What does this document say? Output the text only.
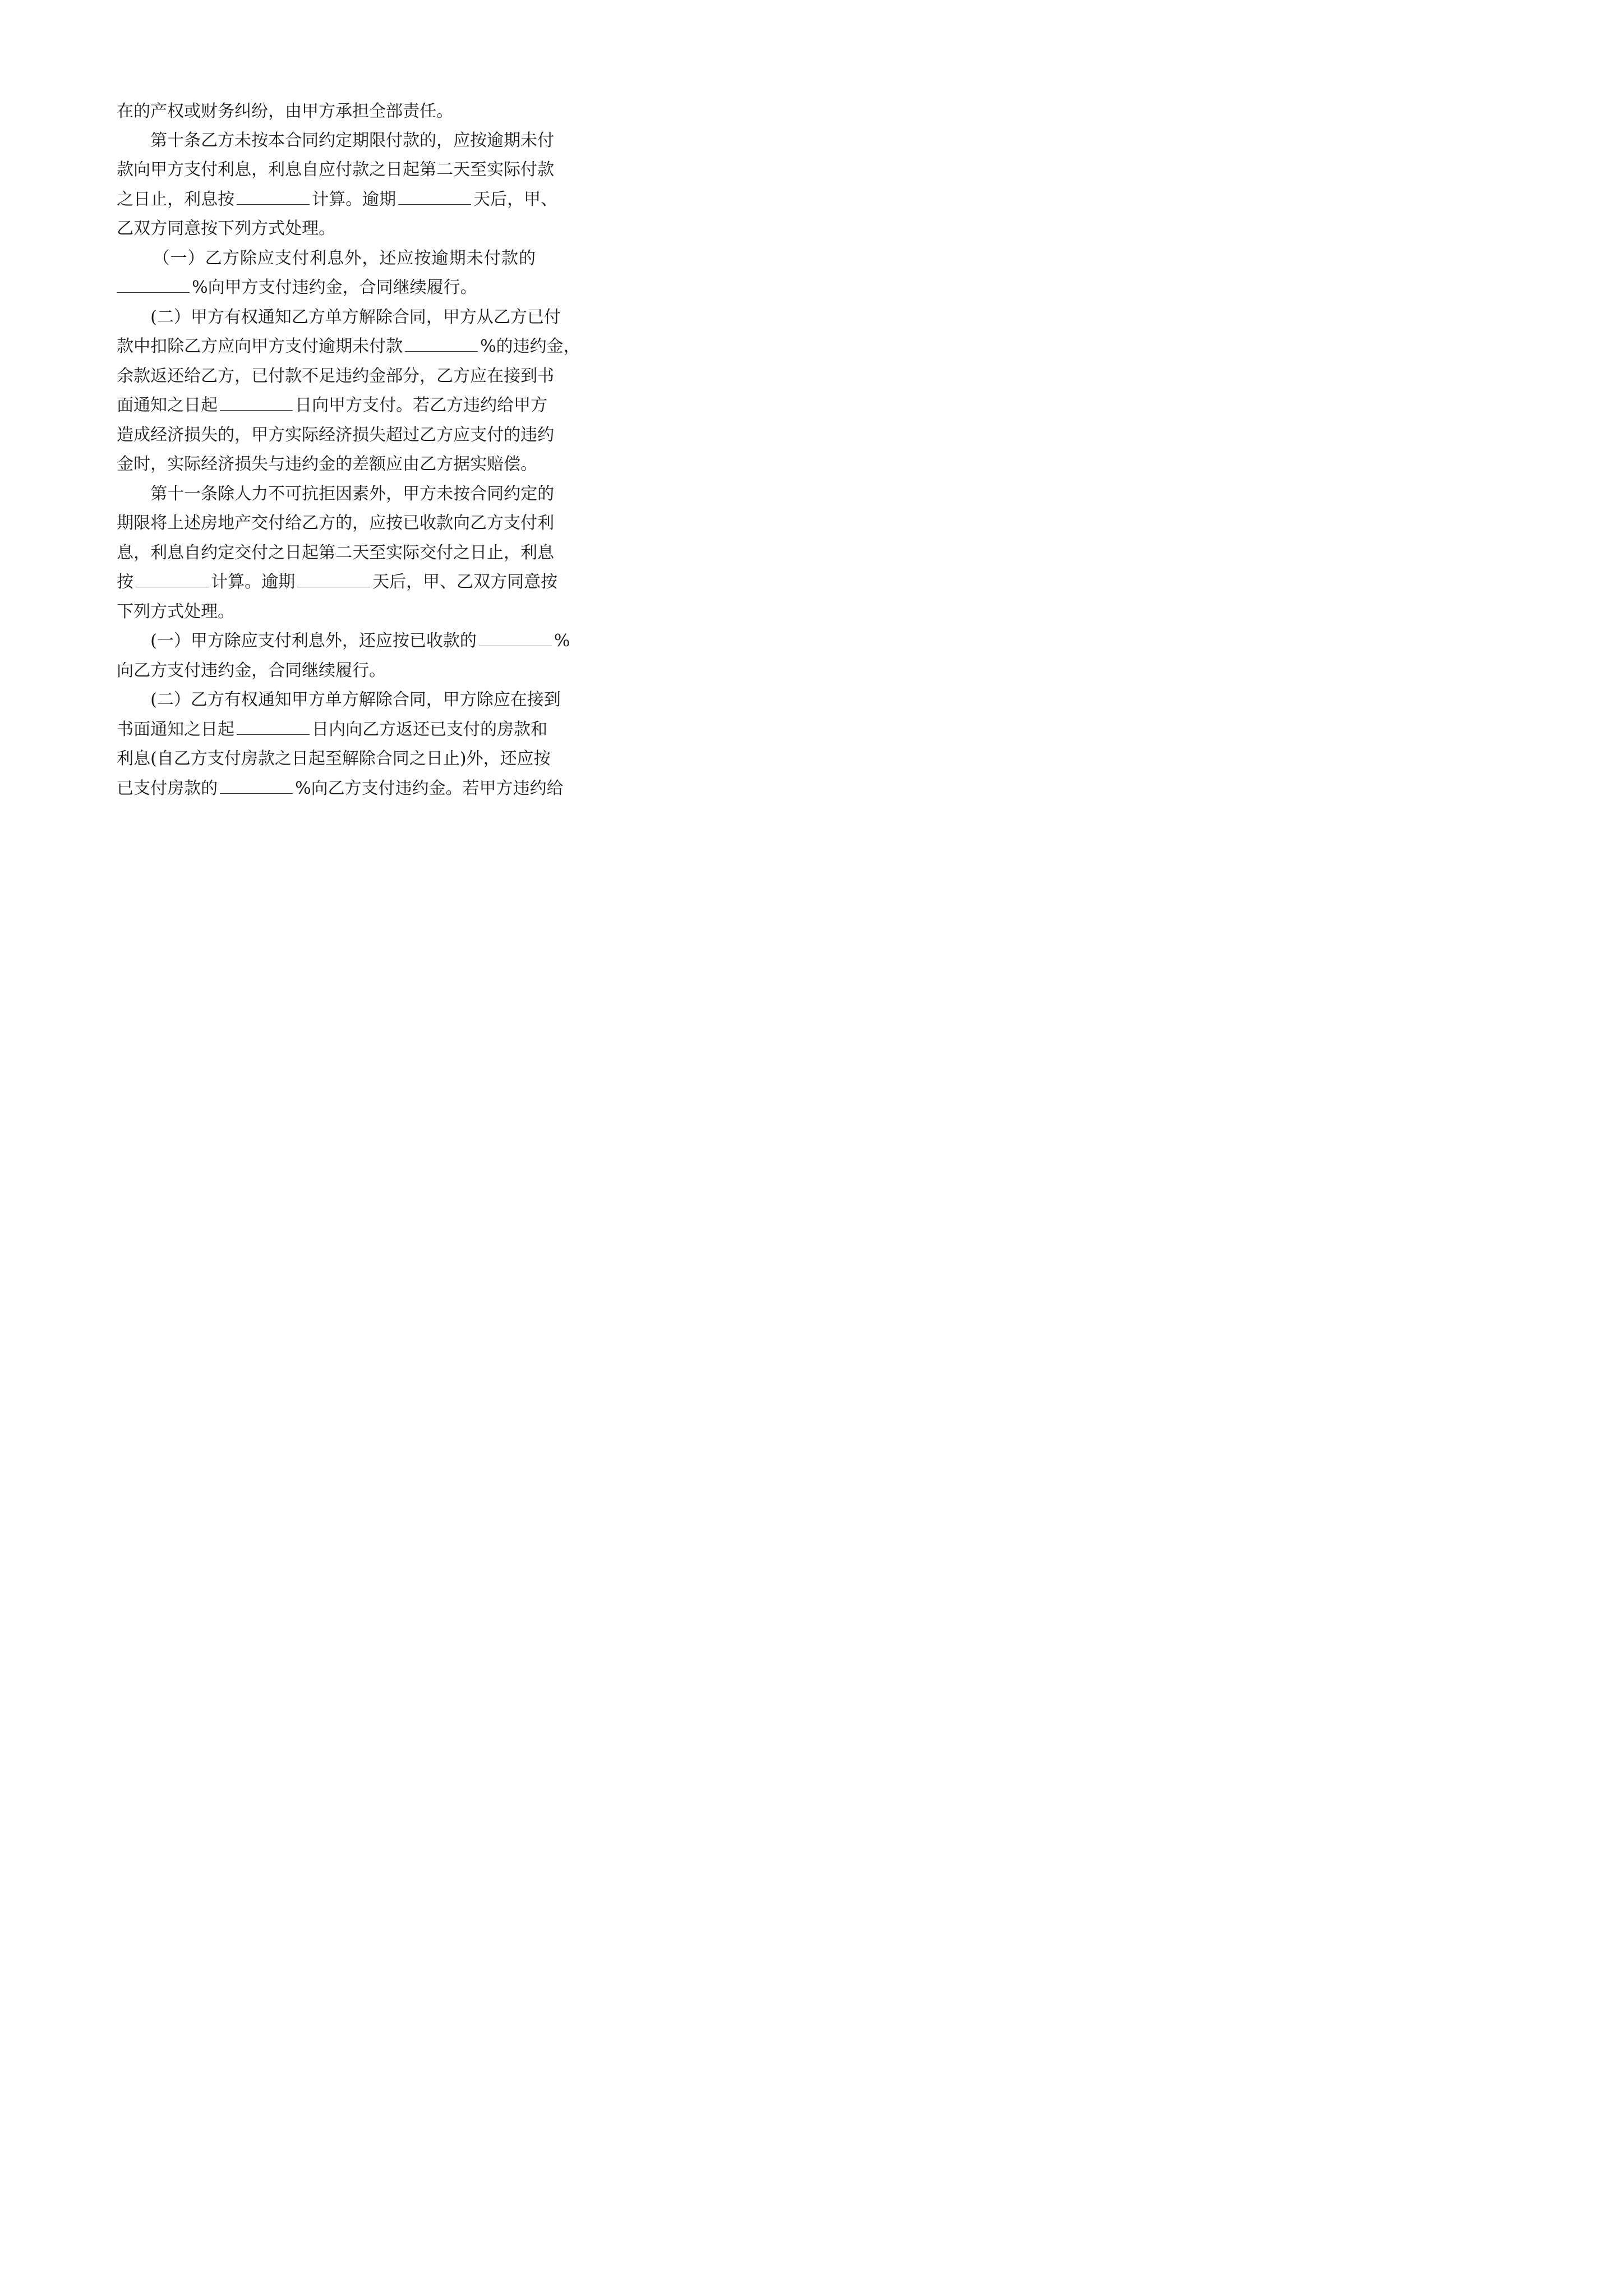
在的产权或财务纠纷，由甲方承担全部责任。

第十条乙方未按本合同约定期限付款的，应按逾期未付

款向甲方支付利息，利息自应付款之日起第二天至实际付款

之日止，利息按	计算。逾期	天后，甲、

乙双方同意按下列方式处理。

（一）乙方除应支付利息外，还应按逾期未付款的

%向甲方支付违约金，合同继续履行。

(二）甲方有权通知乙方单方解除合同，甲方从乙方已付

款中扣除乙方应向甲方支付逾期未付款	%的违约金，

余款返还给乙方，已付款不足违约金部分，乙方应在接到书

面通知之日起	日向甲方支付。若乙方违约给甲方

造成经济损失的，甲方实际经济损失超过乙方应支付的违约

金时，实际经济损失与违约金的差额应由乙方据实赔偿。

第十一条除人力不可抗拒因素外，甲方未按合同约定的

期限将上述房地产交付给乙方的，应按已收款向乙方支付利

息，利息自约定交付之日起第二天至实际交付之日止，利息

按	计算。逾期	天后，甲、乙双方同意按

下列方式处理。

(一）甲方除应支付利息外，还应按已收款的	%

向乙方支付违约金，合同继续履行。

(二）乙方有权通知甲方单方解除合同，甲方除应在接到

书面通知之日起	日内向乙方返还已支付的房款和

利息(自乙方支付房款之日起至解除合同之日止)外，还应按

已支付房款的	%向乙方支付违约金。若甲方违约给
